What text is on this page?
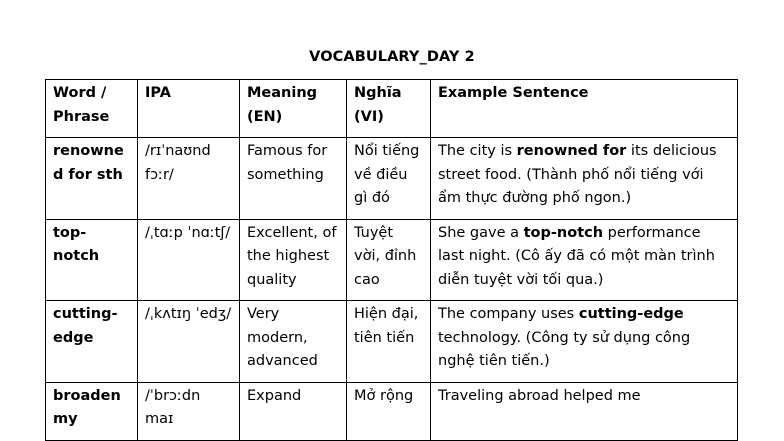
VOCABULARY_DAY 2
Word / Phrase	IPA	Meaning (EN)	Nghĩa (VI)	Example Sentence
renowned for sth	/rɪˈnaʊnd fɔːr/	Famous for something	Nổi tiếng về điều gì đó	The city is renowned for its delicious street food. (Thành phố nổi tiếng với ẩm thực đường phố ngon.)
top-notch	/ˌtɑːp ˈnɑːtʃ/	Excellent, of the highest quality	Tuyệt vời, đỉnh cao	She gave a top-notch performance last night. (Cô ấy đã có một màn trình diễn tuyệt vời tối qua.)
cutting-edge	/ˌkʌtɪŋ ˈedʒ/	Very modern, advanced	Hiện đại, tiên tiến	The company uses cutting-edge technology. (Công ty sử dụng công nghệ tiên tiến.)
broaden my	/ˈbrɔːdn maɪ	Expand	Mở rộng	Traveling abroad helped me
